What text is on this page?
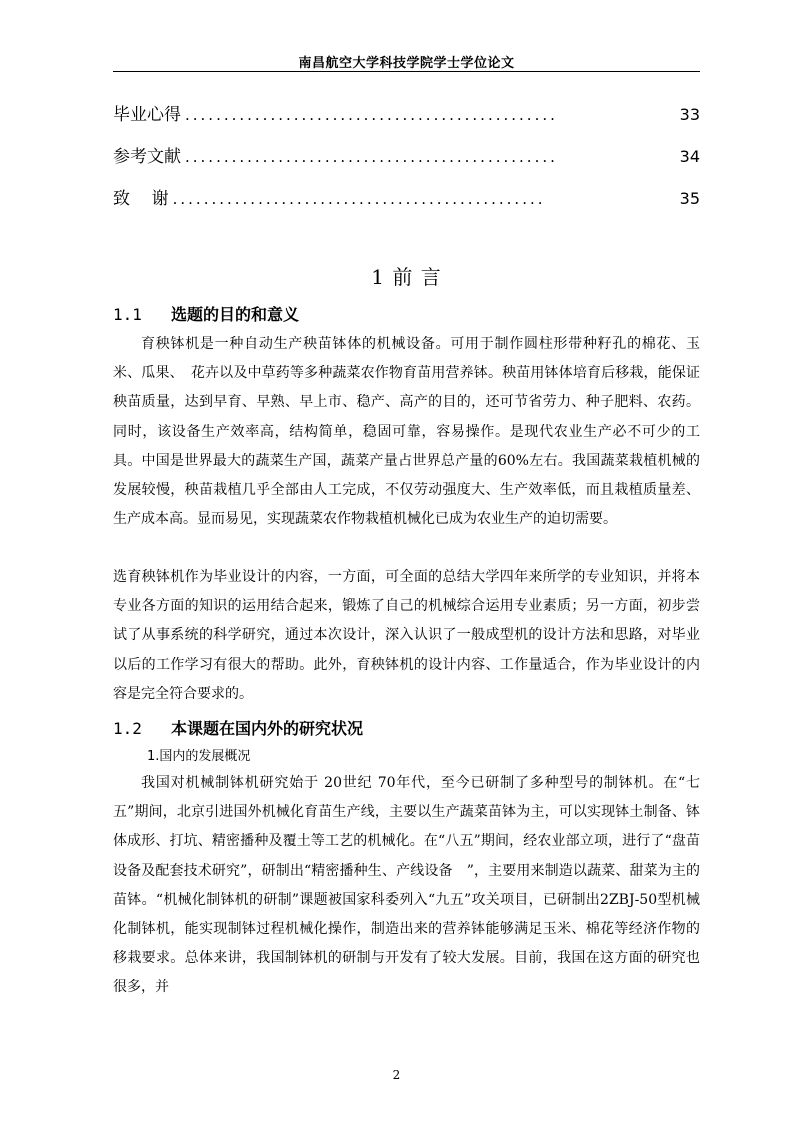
南昌航空大学科技学院学士学位论文
毕业心得 ................................................	33
参考文献 ................................................	34
致    谢 ................................................	35
1 前 言
1.1 选题的目的和意义

育秧钵机是一种自动生产秧苗钵体的机械设备。可用于制作圆柱形带种籽孔的棉花、玉米、瓜果、　花卉以及中草药等多种蔬菜农作物育苗用营养钵。秧苗用钵体培育后移栽，能保证秧苗质量，达到早育、早熟、早上市、稳产、高产的目的，还可节省劳力、种子肥料、农药。同时，该设备生产效率高，结构简单，稳固可靠，容易操作。是现代农业生产必不可少的工具。中国是世界最大的蔬菜生产国，蔬菜产量占世界总产量的60%左右。我国蔬菜栽植机械的发展较慢，秧苗栽植几乎全部由人工完成，不仅劳动强度大、生产效率低，而且栽植质量差、生产成本高。显而易见，实现蔬菜农作物栽植机械化已成为农业生产的迫切需要。

选育秧钵机作为毕业设计的内容，一方面，可全面的总结大学四年来所学的专业知识，并将本专业各方面的知识的运用结合起来，锻炼了自己的机械综合运用专业素质；另一方面，初步尝试了从事系统的科学研究，通过本次设计，深入认识了一般成型机的设计方法和思路，对毕业以后的工作学习有很大的帮助。此外，育秧钵机的设计内容、工作量适合，作为毕业设计的内容是完全符合要求的。

1.2 本课题在国内外的研究状况
1.国内的发展概况

我国对机械制钵机研究始于 20世纪 70年代，至今已研制了多种型号的制钵机。在“七五”期间，北京引进国外机械化育苗生产线，主要以生产蔬菜苗钵为主，可以实现钵土制备、钵体成形、打坑、精密播种及覆土等工艺的机械化。在“八五”期间，经农业部立项，进行了“盘苗设备及配套技术研究”，研制出“精密播种生、产线设备　”，主要用来制造以蔬菜、甜菜为主的苗钵。“机械化制钵机的研制”课题被国家科委列入“九五”攻关项目，已研制出2ZBJ-50型机械化制钵机，能实现制钵过程机械化操作，制造出来的营养钵能够满足玉米、棉花等经济作物的移栽要求。总体来讲，我国制钵机的研制与开发有了较大发展。目前，我国在这方面的研究也很多，并

2
